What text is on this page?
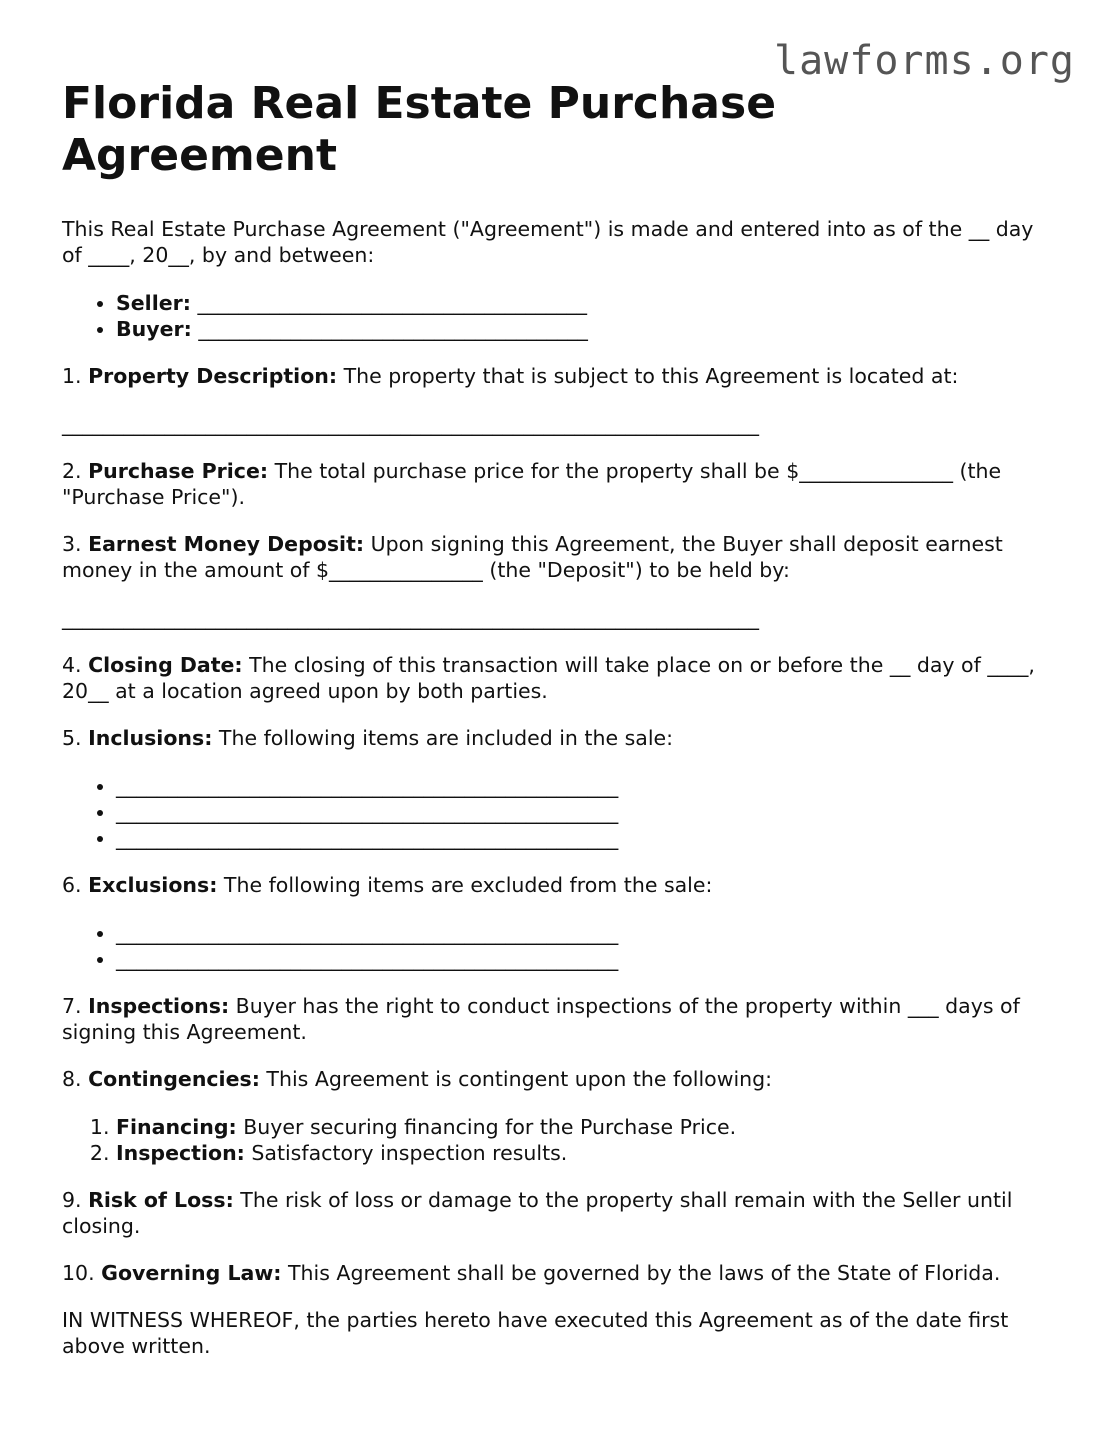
lawforms.org
Florida Real Estate Purchase Agreement

This Real Estate Purchase Agreement ("Agreement") is made and entered into as of the __ day of ____, 20__, by and between:

• Seller: ______________________________________
• Buyer: ______________________________________

1. Property Description: The property that is subject to this Agreement is located at:

____________________________________________________________________

2. Purchase Price: The total purchase price for the property shall be $_______________ (the "Purchase Price").

3. Earnest Money Deposit: Upon signing this Agreement, the Buyer shall deposit earnest money in the amount of $_______________ (the "Deposit") to be held by:

____________________________________________________________________

4. Closing Date: The closing of this transaction will take place on or before the __ day of ____, 20__ at a location agreed upon by both parties.

5. Inclusions: The following items are included in the sale:

• _________________________________________________
• _________________________________________________
• _________________________________________________

6. Exclusions: The following items are excluded from the sale:

• _________________________________________________
• _________________________________________________

7. Inspections: Buyer has the right to conduct inspections of the property within ___ days of signing this Agreement.

8. Contingencies: This Agreement is contingent upon the following:

1. Financing: Buyer securing financing for the Purchase Price.
2. Inspection: Satisfactory inspection results.

9. Risk of Loss: The risk of loss or damage to the property shall remain with the Seller until closing.

10. Governing Law: This Agreement shall be governed by the laws of the State of Florida.

IN WITNESS WHEREOF, the parties hereto have executed this Agreement as of the date first above written.
